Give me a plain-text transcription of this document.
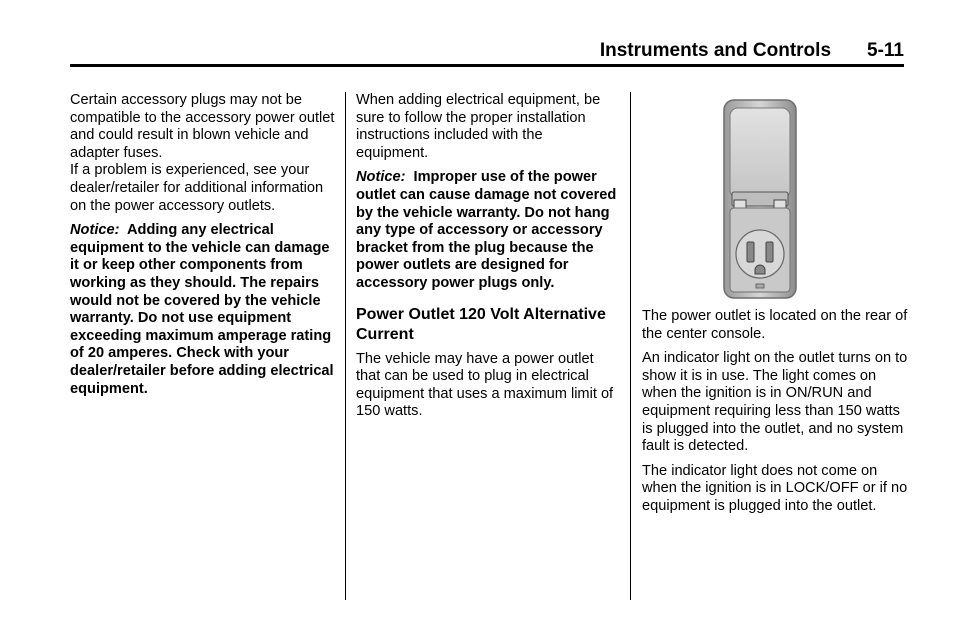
Instruments and Controls 5-11

Certain accessory plugs may not be compatible to the accessory power outlet and could result in blown vehicle and adapter fuses.

If a problem is experienced, see your dealer/retailer for additional information on the power accessory outlets.

Notice: Adding any electrical equipment to the vehicle can damage it or keep other components from working as they should. The repairs would not be covered by the vehicle warranty. Do not use equipment exceeding maximum amperage rating of 20 amperes. Check with your dealer/retailer before adding electrical equipment.

When adding electrical equipment, be sure to follow the proper installation instructions included with the equipment.

Notice: Improper use of the power outlet can cause damage not covered by the vehicle warranty. Do not hang any type of accessory or accessory bracket from the plug because the power outlets are designed for accessory power plugs only.

Power Outlet 120 Volt Alternative Current

The vehicle may have a power outlet that can be used to plug in electrical equipment that uses a maximum limit of 150 watts.

The power outlet is located on the rear of the center console.

An indicator light on the outlet turns on to show it is in use. The light comes on when the ignition is in ON/RUN and equipment requiring less than 150 watts is plugged into the outlet, and no system fault is detected.

The indicator light does not come on when the ignition is in LOCK/OFF or if no equipment is plugged into the outlet.
